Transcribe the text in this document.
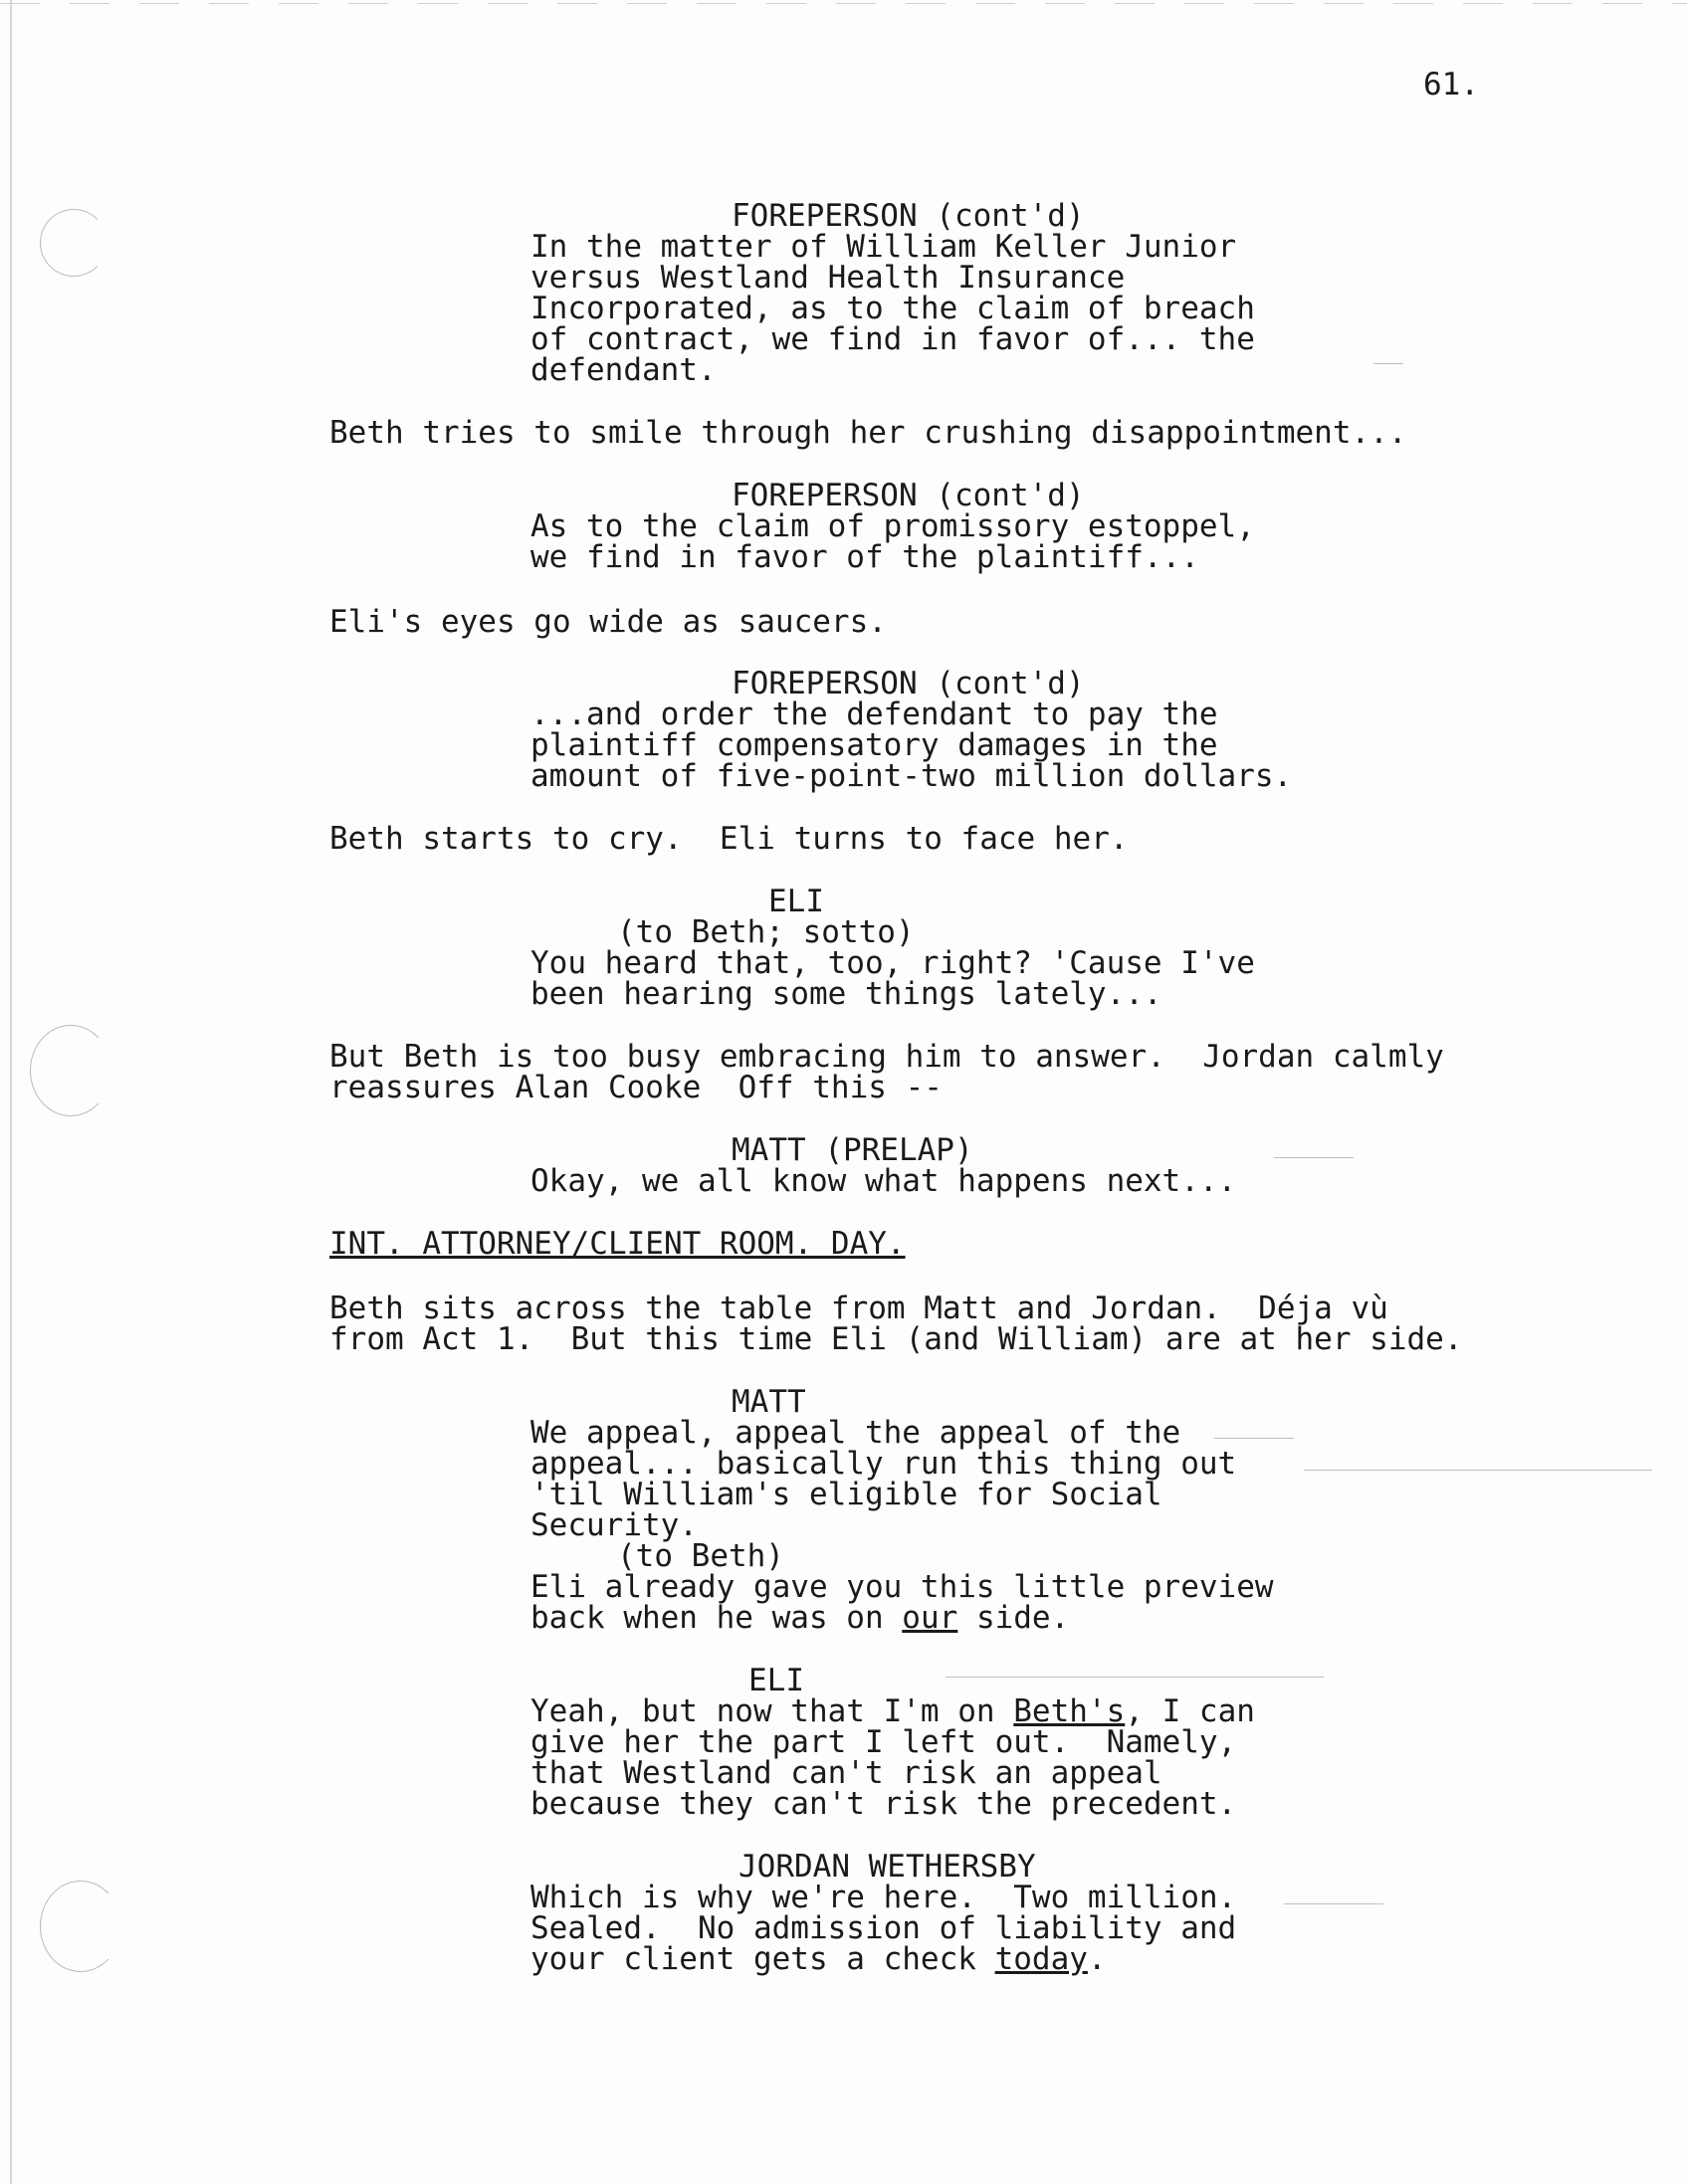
61.
FOREPERSON (cont'd)
In the matter of William Keller Junior
versus Westland Health Insurance
Incorporated, as to the claim of breach
of contract, we find in favor of... the
defendant.
Beth tries to smile through her crushing disappointment...
FOREPERSON (cont'd)
As to the claim of promissory estoppel,
we find in favor of the plaintiff...
Eli's eyes go wide as saucers.
FOREPERSON (cont'd)
...and order the defendant to pay the
plaintiff compensatory damages in the
amount of five-point-two million dollars.
Beth starts to cry.  Eli turns to face her.
ELI
(to Beth; sotto)
You heard that, too, right? 'Cause I've
been hearing some things lately...
But Beth is too busy embracing him to answer.  Jordan calmly
reassures Alan Cooke  Off this --
MATT (PRELAP)
Okay, we all know what happens next...
INT. ATTORNEY/CLIENT ROOM. DAY.
Beth sits across the table from Matt and Jordan.  Déja vù
from Act 1.  But this time Eli (and William) are at her side.
MATT
We appeal, appeal the appeal of the
appeal... basically run this thing out
'til William's eligible for Social
Security.
(to Beth)
Eli already gave you this little preview
back when he was on our side.
ELI
Yeah, but now that I'm on Beth's, I can
give her the part I left out.  Namely,
that Westland can't risk an appeal
because they can't risk the precedent.
JORDAN WETHERSBY
Which is why we're here.  Two million.
Sealed.  No admission of liability and
your client gets a check today.
